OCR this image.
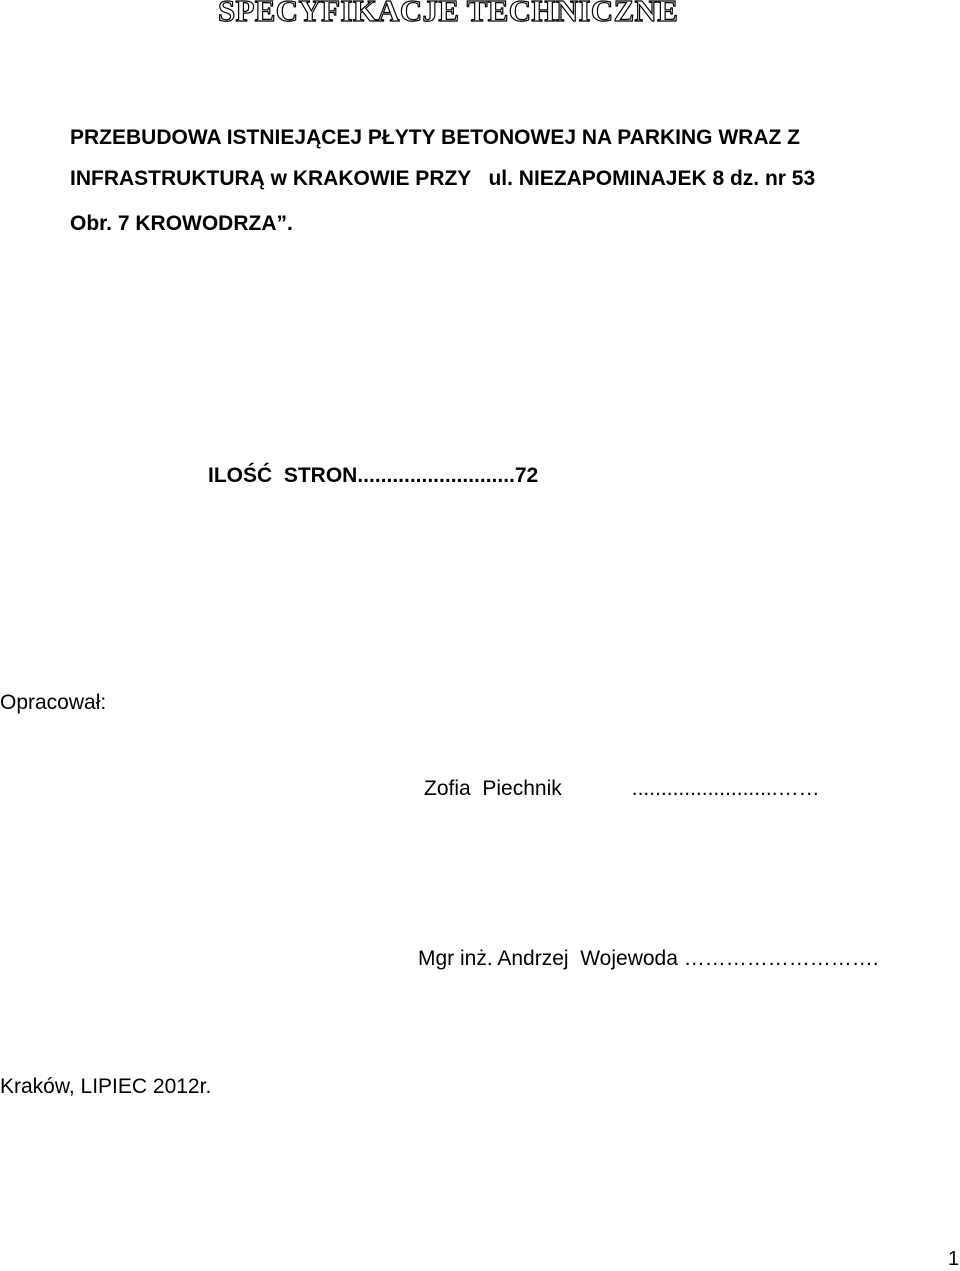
SPECYFIKACJE TECHNICZNE
PRZEBUDOWA ISTNIEJĄCEJ PŁYTY BETONOWEJ NA PARKING WRAZ Z
INFRASTRUKTURĄ w KRAKOWIE PRZY   ul. NIEZAPOMINAJEK 8 dz. nr 53
Obr. 7 KROWODRZA”.
ILOŚĆ  STRON...........................72
Opracował:
Zofia  Piechnik            .........................……
Mgr inż. Andrzej  Wojewoda ……………………….
Kraków, LIPIEC 2012r.
1
